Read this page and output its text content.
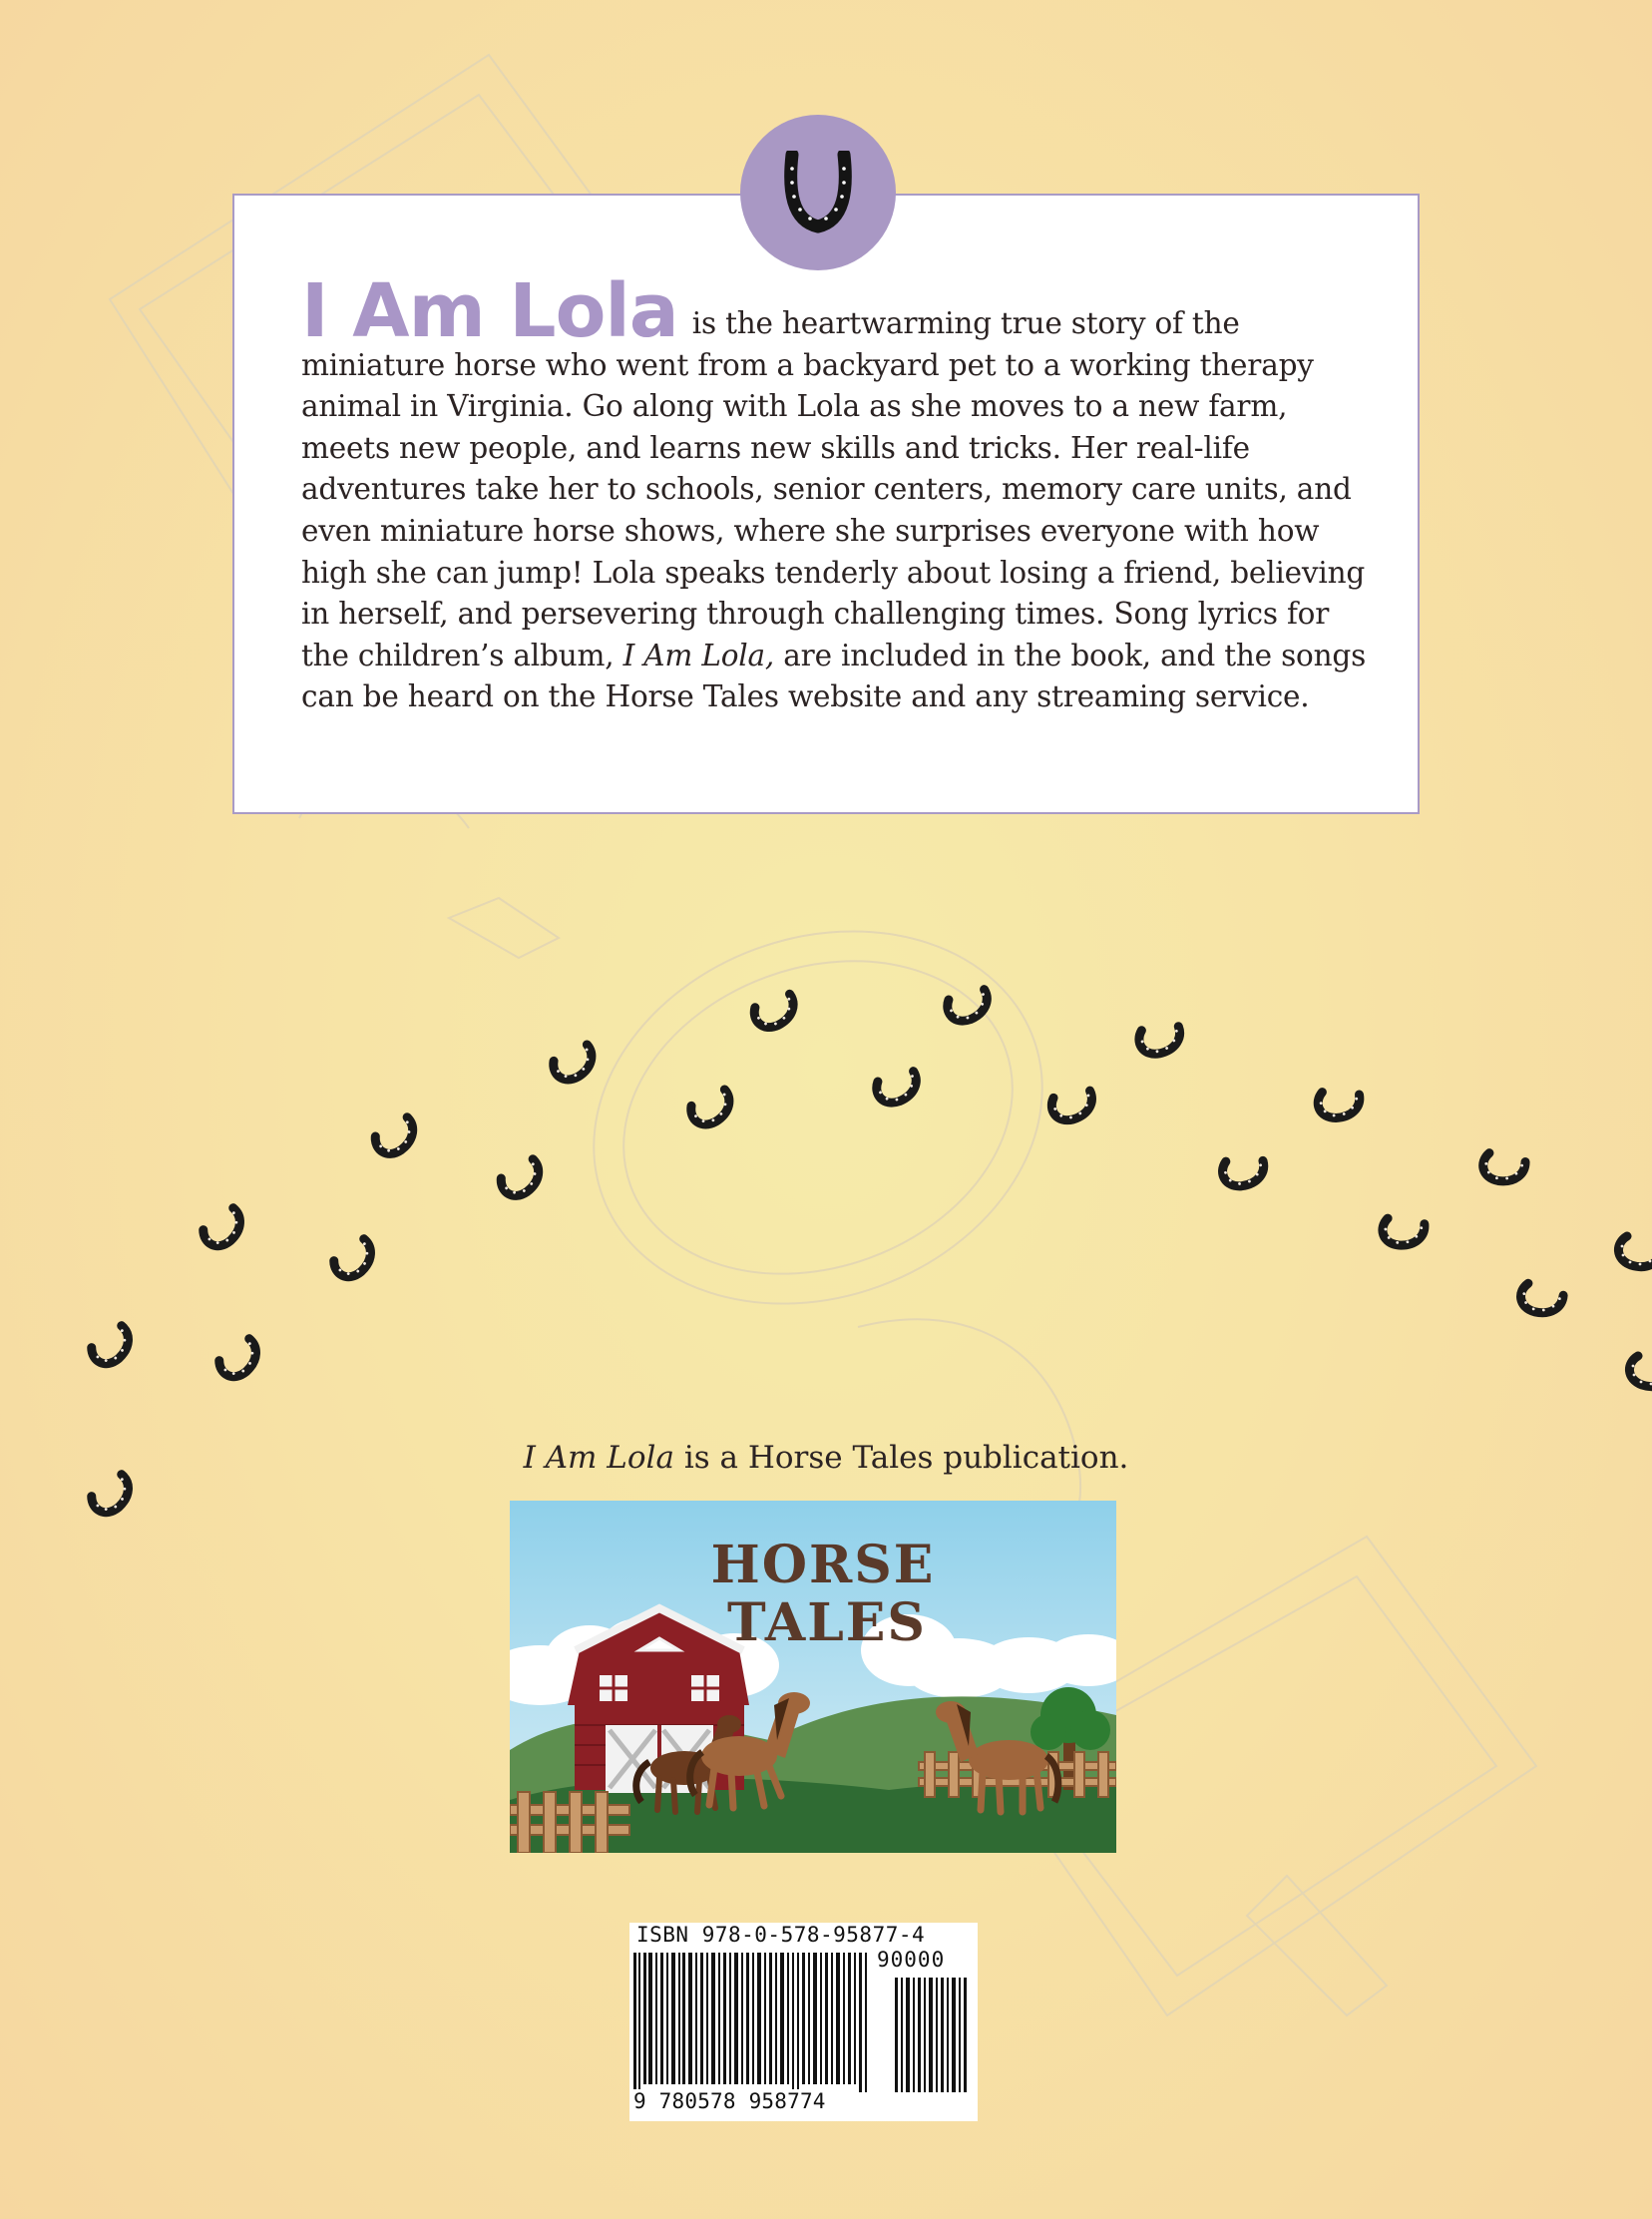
I Am Lola is the heartwarming true story of the miniature horse who went from a backyard pet to a working therapy animal in Virginia. Go along with Lola as she moves to a new farm, meets new people, and learns new skills and tricks. Her real-life adventures take her to schools, senior centers, memory care units, and even miniature horse shows, where she surprises everyone with how high she can jump! Lola speaks tenderly about losing a friend, believing in herself, and persevering through challenging times. Song lyrics for the children’s album, I Am Lola, are included in the book, and the songs can be heard on the Horse Tales website and any streaming service.
I Am Lola is a Horse Tales publication.
HORSE
TALES
ISBN 978-0-578-95877-4
90000
9 780578 958774
